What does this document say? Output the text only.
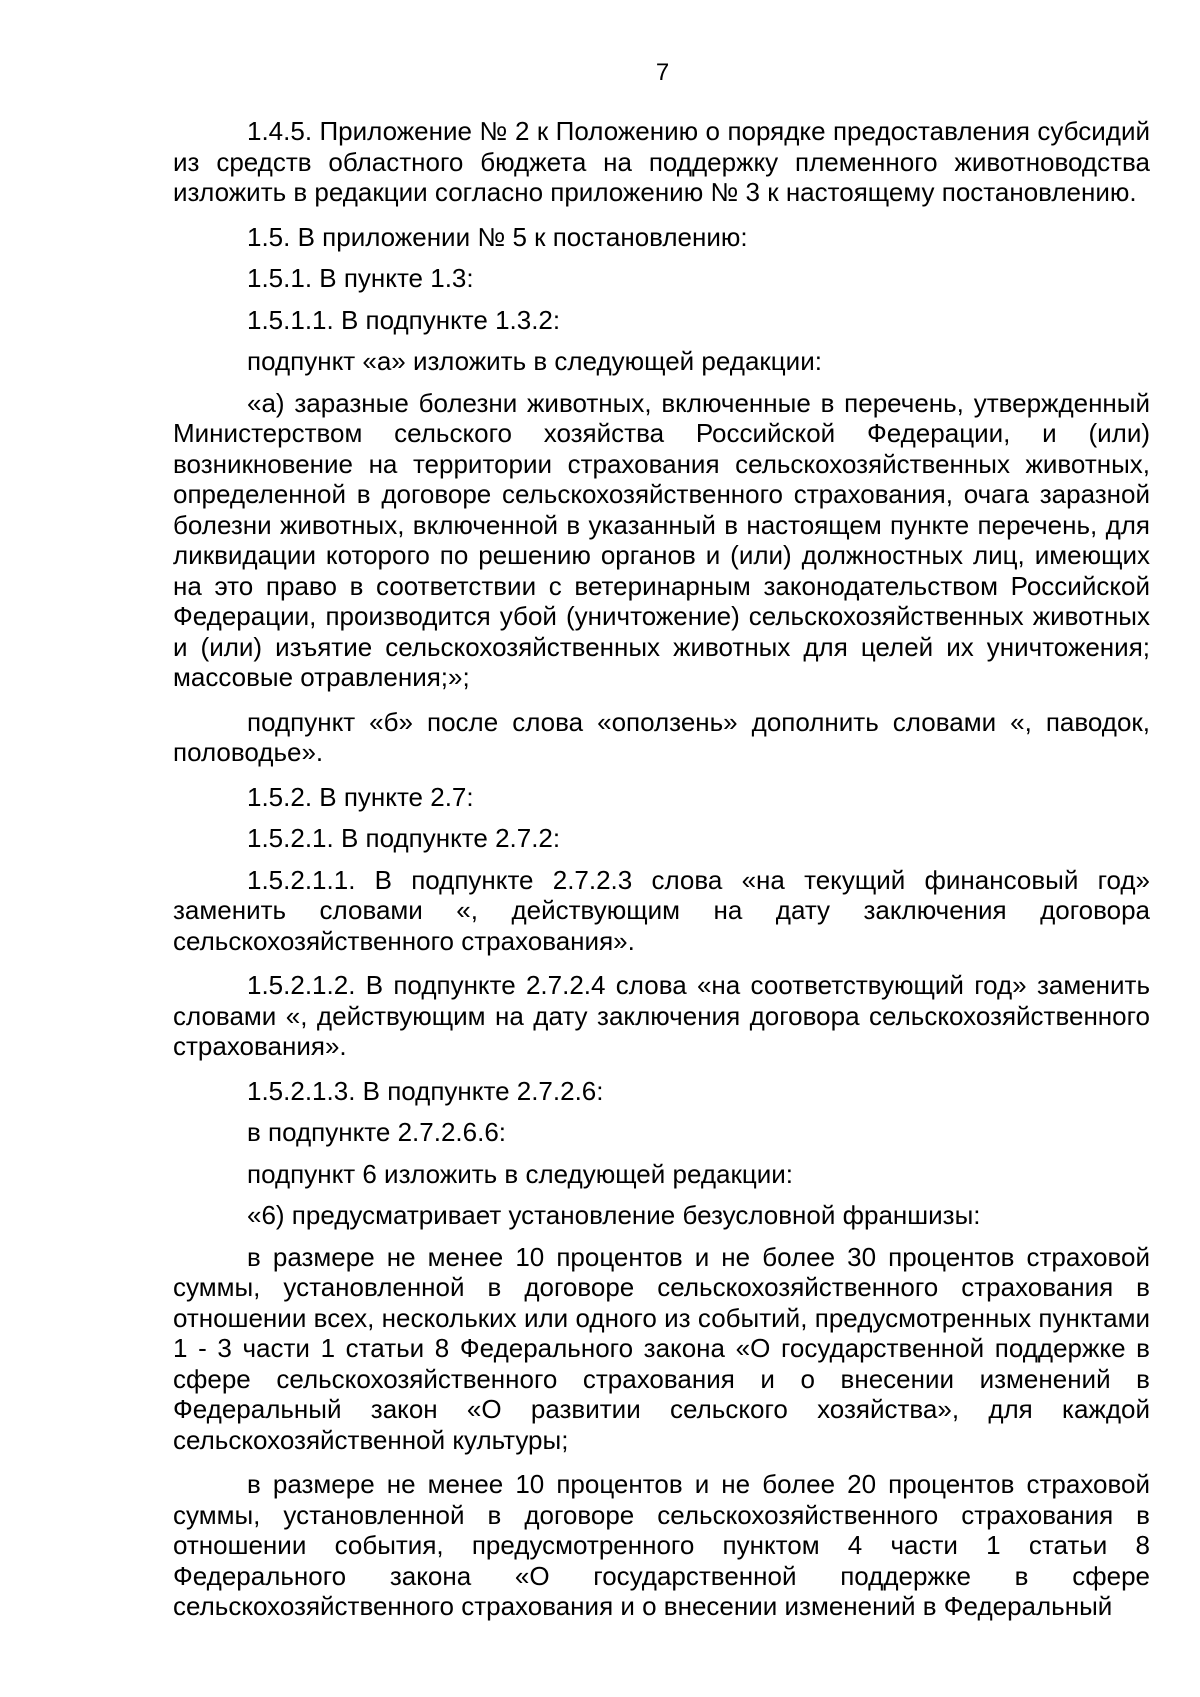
7

1.4.5. Приложение № 2 к Положению о порядке предоставления субсидий из средств областного бюджета на поддержку племенного животноводства изложить в редакции согласно приложению № 3 к настоящему постановлению.

1.5. В приложении № 5 к постановлению:

1.5.1. В пункте 1.3:

1.5.1.1. В подпункте 1.3.2:

подпункт «а» изложить в следующей редакции:

«а) заразные болезни животных, включенные в перечень, утвержденный Министерством сельского хозяйства Российской Федерации, и (или) возникновение на территории страхования сельскохозяйственных животных, определенной в договоре сельскохозяйственного страхования, очага заразной болезни животных, включенной в указанный в настоящем пункте перечень, для ликвидации которого по решению органов и (или) должностных лиц, имеющих на это право в соответствии с ветеринарным законодательством Российской Федерации, производится убой (уничтожение) сельскохозяйственных животных и (или) изъятие сельскохозяйственных животных для целей их уничтожения; массовые отравления;»;

подпункт «б» после слова «оползень» дополнить словами «, паводок, половодье».

1.5.2. В пункте 2.7:

1.5.2.1. В подпункте 2.7.2:

1.5.2.1.1. В подпункте 2.7.2.3 слова «на текущий финансовый год» заменить словами «, действующим на дату заключения договора сельскохозяйственного страхования».

1.5.2.1.2. В подпункте 2.7.2.4 слова «на соответствующий год» заменить словами «, действующим на дату заключения договора сельскохозяйственного страхования».

1.5.2.1.3. В подпункте 2.7.2.6:

в подпункте 2.7.2.6.6:

подпункт 6 изложить в следующей редакции:

«6) предусматривает установление безусловной франшизы:

в размере не менее 10 процентов и не более 30 процентов страховой суммы, установленной в договоре сельскохозяйственного страхования в отношении всех, нескольких или одного из событий, предусмотренных пунктами 1 - 3 части 1 статьи 8 Федерального закона «О государственной поддержке в сфере сельскохозяйственного страхования и о внесении изменений в Федеральный закон «О развитии сельского хозяйства», для каждой сельскохозяйственной культуры;

в размере не менее 10 процентов и не более 20 процентов страховой суммы, установленной в договоре сельскохозяйственного страхования в отношении события, предусмотренного пунктом 4 части 1 статьи 8 Федерального закона «О государственной поддержке в сфере сельскохозяйственного страхования и о внесении изменений в Федеральный
